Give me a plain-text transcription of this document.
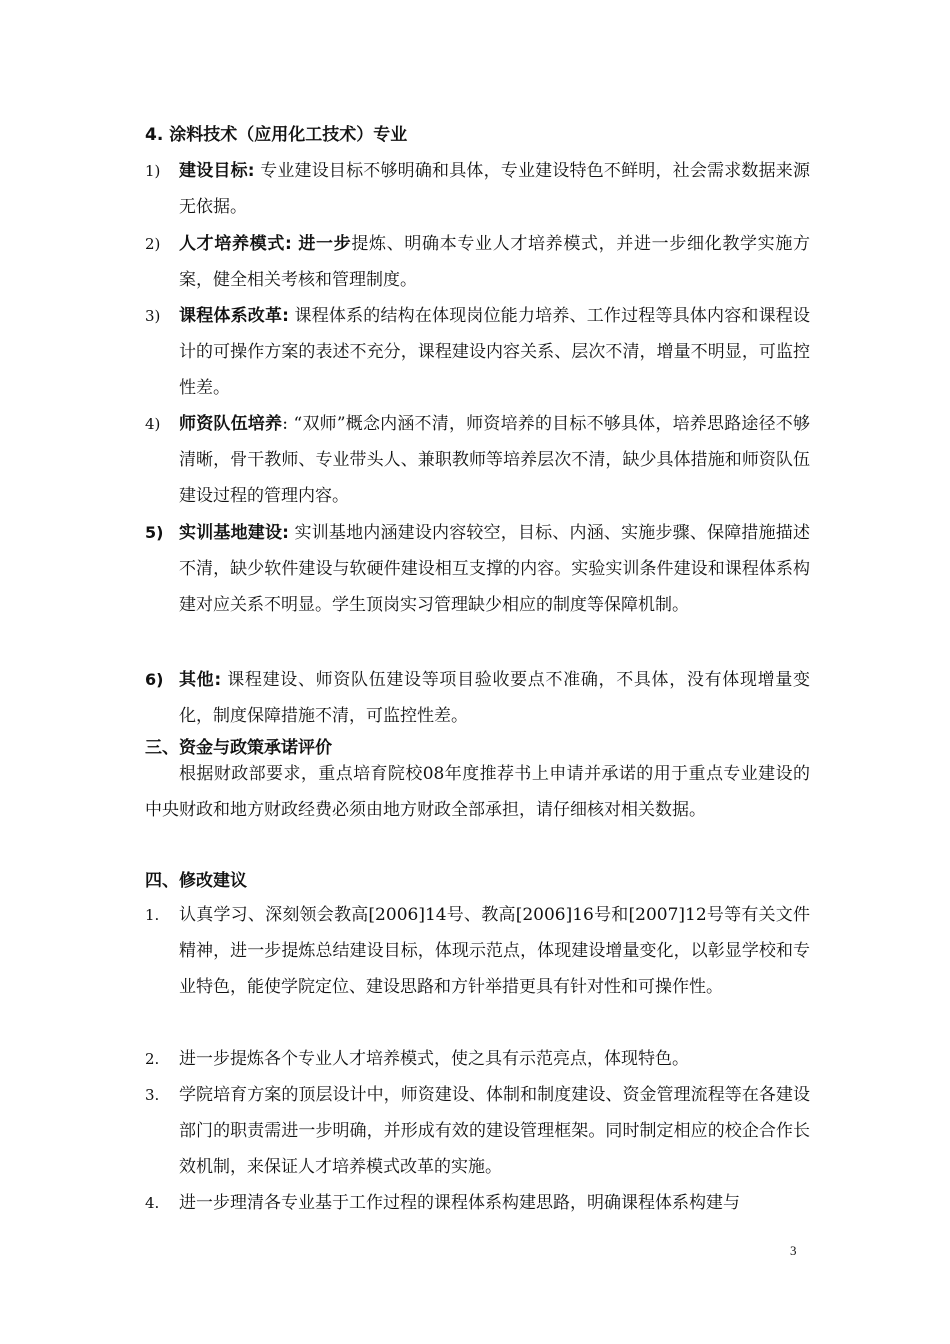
4. 涂料技术（应用化工技术）专业
1)	建设目标: 专业建设目标不够明确和具体，专业建设特色不鲜明，社会需求数据来源无依据。
2)	人才培养模式: 进一步提炼、明确本专业人才培养模式，并进一步细化教学实施方案，健全相关考核和管理制度。
3)	课程体系改革: 课程体系的结构在体现岗位能力培养、工作过程等具体内容和课程设计的可操作方案的表述不充分，课程建设内容关系、层次不清，增量不明显，可监控性差。
4)	师资队伍培养: “双师”概念内涵不清，师资培养的目标不够具体，培养思路途径不够清晰，骨干教师、专业带头人、兼职教师等培养层次不清，缺少具体措施和师资队伍建设过程的管理内容。
5) 实训基地建设: 实训基地内涵建设内容较空，目标、内涵、实施步骤、保障措施描述不清，缺少软件建设与软硬件建设相互支撑的内容。实验实训条件建设和课程体系构建对应关系不明显。学生顶岗实习管理缺少相应的制度等保障机制。
6) 其他: 课程建设、师资队伍建设等项目验收要点不准确，不具体，没有体现增量变化，制度保障措施不清，可监控性差。
三、资金与政策承诺评价
根据财政部要求，重点培育院校08年度推荐书上申请并承诺的用于重点专业建设的中央财政和地方财政经费必须由地方财政全部承担，请仔细核对相关数据。
四、修改建议
1.	认真学习、深刻领会教高[2006]14号、教高[2006]16号和[2007]12号等有关文件精神，进一步提炼总结建设目标，体现示范点，体现建设增量变化，以彰显学校和专业特色，能使学院定位、建设思路和方针举措更具有针对性和可操作性。
2.	进一步提炼各个专业人才培养模式，使之具有示范亮点，体现特色。
3.	学院培育方案的顶层设计中，师资建设、体制和制度建设、资金管理流程等在各建设部门的职责需进一步明确，并形成有效的建设管理框架。同时制定相应的校企合作长效机制，来保证人才培养模式改革的实施。
4.	进一步理清各专业基于工作过程的课程体系构建思路，明确课程体系构建与
3
